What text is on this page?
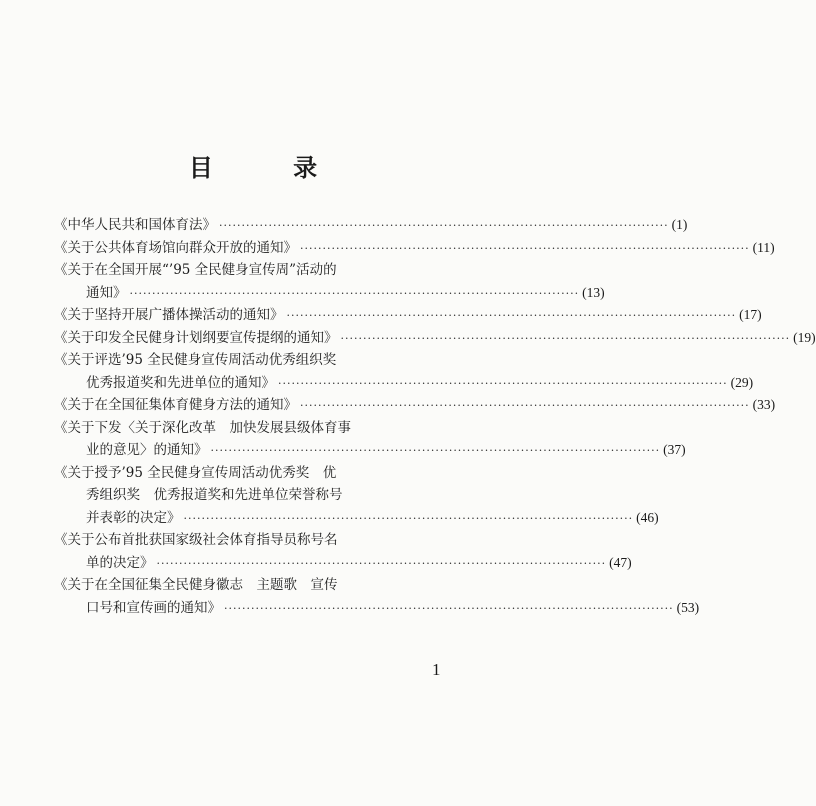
目 录
《中华人民共和国体育法》 ·····	(1)
《关于公共体育场馆向群众开放的通知》 ·····	(11)
《关于在全国开展“’95 全民健身宣传周”活动的
通知》 ·····	(13)
《关于坚持开展广播体操活动的通知》 ·····	(17)
《关于印发全民健身计划纲要宣传提纲的通知》 ·····	(19)
《关于评选’95 全民健身宣传周活动优秀组织奖
优秀报道奖和先进单位的通知》 ·····	(29)
《关于在全国征集体育健身方法的通知》 ·····	(33)
《关于下发〈关于深化改革　加快发展县级体育事
业的意见〉的通知》 ·····	(37)
《关于授予’95 全民健身宣传周活动优秀奖　优
秀组织奖　优秀报道奖和先进单位荣誉称号
并表彰的决定》 ·····	(46)
《关于公布首批获国家级社会体育指导员称号名
单的决定》 ·····	(47)
《关于在全国征集全民健身徽志　主题歌　宣传
口号和宣传画的通知》 ·····	(53)
1
